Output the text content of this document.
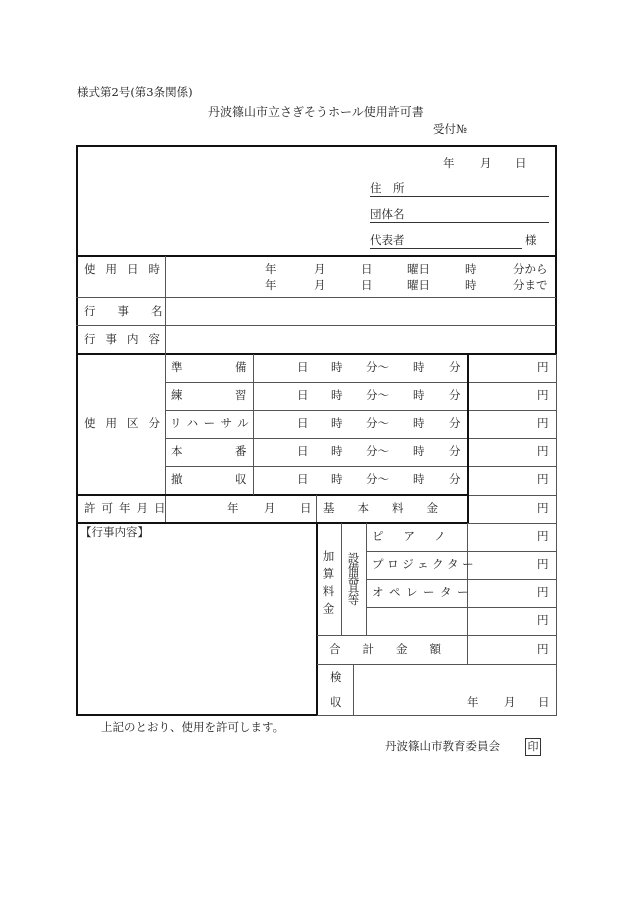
様式第2号(第3条関係)
丹波篠山市立さぎそうホール使用許可書
受付№
年 月 日
住　所
団体名
代表者	様
使用日時	年	月	日	曜日	時	分から
年	月	日	曜日	時	分まで
行事名
行事内容
使用区分
準	備	日 時 分〜 時 分	円
練	習	日 時 分〜 時 分	円
リハーサル	日 時 分〜 時 分	円
本	番	日 時 分〜 時 分	円
撤	収	日 時 分〜 時 分	円
許可年月日	年 月 日 基本料金	円
【行事内容】
加算料金 設備器具等
ピアノ	円
プロジェクター	円
オペレーター	円
円
合計金額	円
検
収	年 月 日
上記のとおり、使用を許可します。
丹波篠山市教育委員会	印
